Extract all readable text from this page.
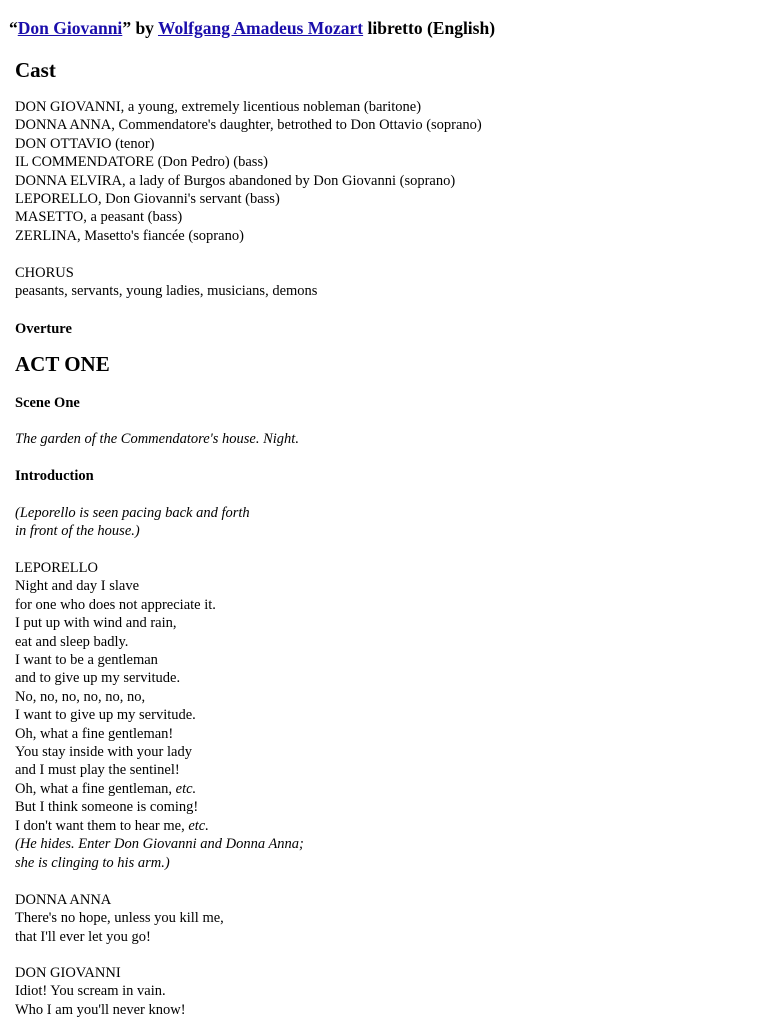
“Don Giovanni” by Wolfgang Amadeus Mozart libretto (English)
Cast
DON GIOVANNI, a young, extremely licentious nobleman (baritone)
DONNA ANNA, Commendatore's daughter, betrothed to Don Ottavio (soprano)
DON OTTAVIO (tenor)
IL COMMENDATORE (Don Pedro) (bass)
DONNA ELVIRA, a lady of Burgos abandoned by Don Giovanni (soprano)
LEPORELLO, Don Giovanni's servant (bass)
MASETTO, a peasant (bass)
ZERLINA, Masetto's fiancée (soprano)
CHORUS
peasants, servants, young ladies, musicians, demons
Overture
ACT ONE
Scene One
The garden of the Commendatore's house. Night.
Introduction
(Leporello is seen pacing back and forth
in front of the house.)
LEPORELLO
Night and day I slave
for one who does not appreciate it.
I put up with wind and rain,
eat and sleep badly.
I want to be a gentleman
and to give up my servitude.
No, no, no, no, no, no,
I want to give up my servitude.
Oh, what a fine gentleman!
You stay inside with your lady
and I must play the sentinel!
Oh, what a fine gentleman, etc.
But I think someone is coming!
I don't want them to hear me, etc.
(He hides. Enter Don Giovanni and Donna Anna;
she is clinging to his arm.)
DONNA ANNA
There's no hope, unless you kill me,
that I'll ever let you go!
DON GIOVANNI
Idiot! You scream in vain.
Who I am you'll never know!
